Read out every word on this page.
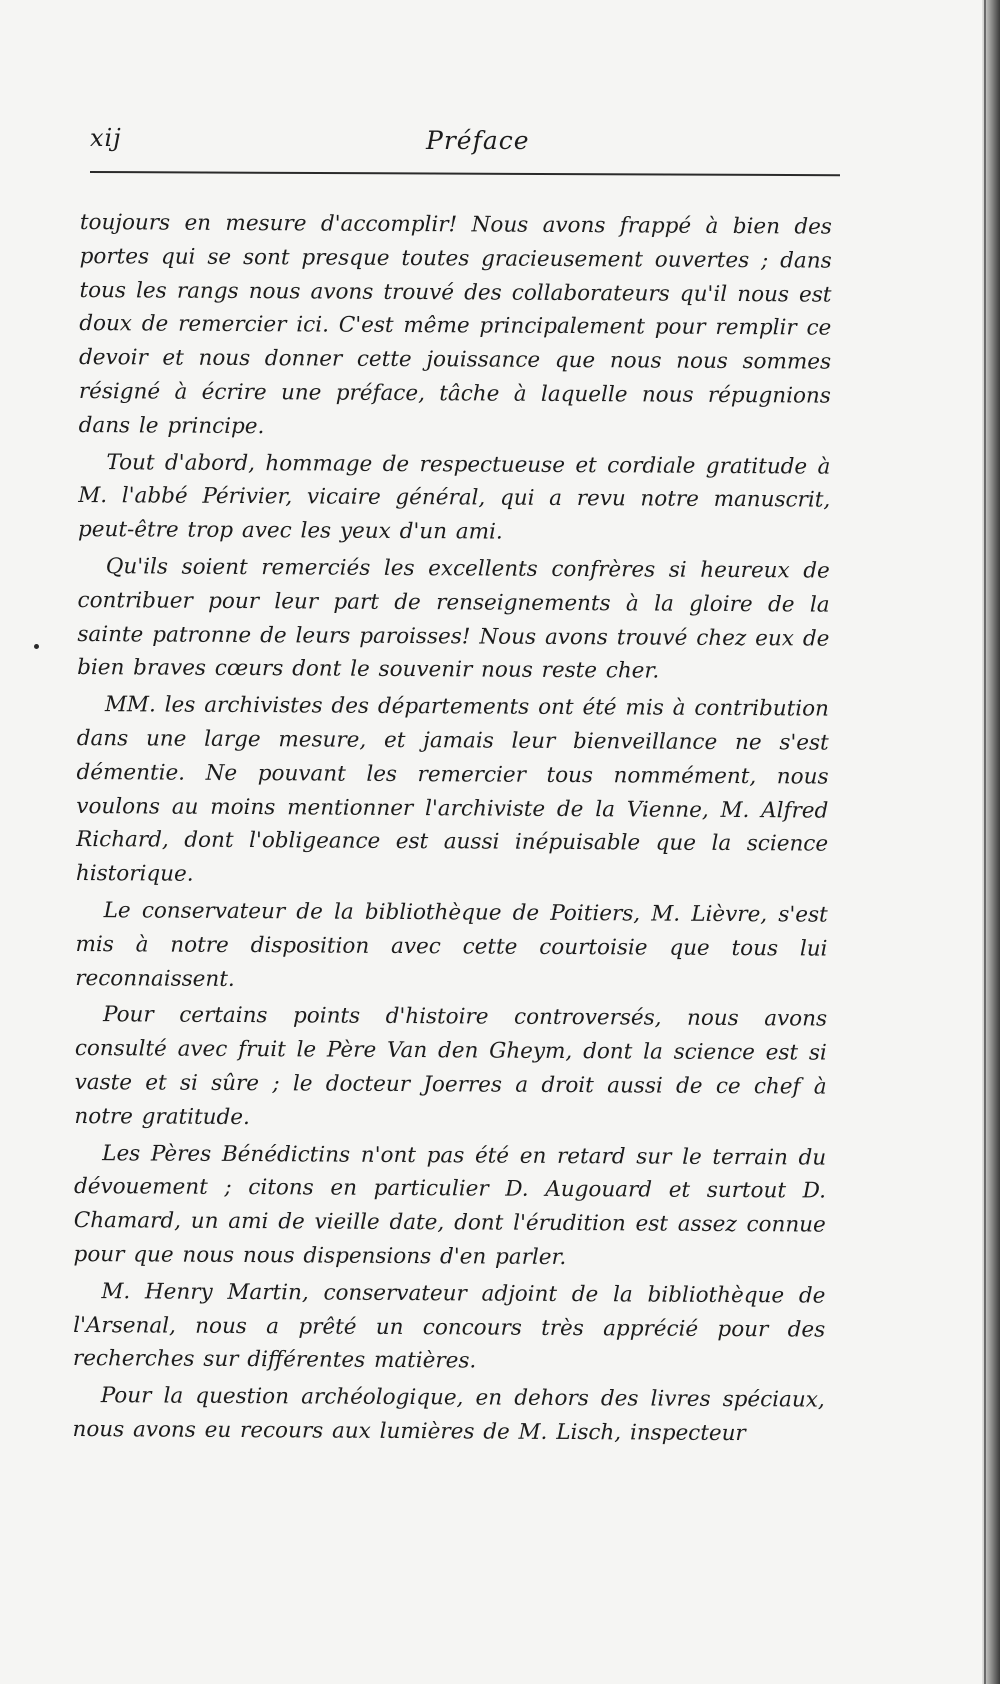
xij	Préface

toujours en mesure d'accomplir! Nous avons frappé à bien des portes qui se sont presque toutes gracieusement ouvertes ; dans tous les rangs nous avons trouvé des collaborateurs qu'il nous est doux de remercier ici. C'est même principalement pour remplir ce devoir et nous donner cette jouissance que nous nous sommes résigné à écrire une préface, tâche à laquelle nous répugnions dans le principe.

Tout d'abord, hommage de respectueuse et cordiale gratitude à M. l'abbé Périvier, vicaire général, qui a revu notre manuscrit, peut-être trop avec les yeux d'un ami.

Qu'ils soient remerciés les excellents confrères si heureux de contribuer pour leur part de renseignements à la gloire de la sainte patronne de leurs paroisses! Nous avons trouvé chez eux de bien braves cœurs dont le souvenir nous reste cher.

MM. les archivistes des départements ont été mis à contribution dans une large mesure, et jamais leur bienveillance ne s'est démentie. Ne pouvant les remercier tous nommément, nous voulons au moins mentionner l'archiviste de la Vienne, M. Alfred Richard, dont l'obligeance est aussi inépuisable que la science historique.

Le conservateur de la bibliothèque de Poitiers, M. Lièvre, s'est mis à notre disposition avec cette courtoisie que tous lui reconnaissent.

Pour certains points d'histoire controversés, nous avons consulté avec fruit le Père Van den Gheym, dont la science est si vaste et si sûre ; le docteur Joerres a droit aussi de ce chef à notre gratitude.

Les Pères Bénédictins n'ont pas été en retard sur le terrain du dévouement ; citons en particulier D. Augouard et surtout D. Chamard, un ami de vieille date, dont l'érudition est assez connue pour que nous nous dispensions d'en parler.

M. Henry Martin, conservateur adjoint de la bibliothèque de l'Arsenal, nous a prêté un concours très apprécié pour des recherches sur différentes matières.

Pour la question archéologique, en dehors des livres spéciaux, nous avons eu recours aux lumières de M. Lisch, inspecteur
